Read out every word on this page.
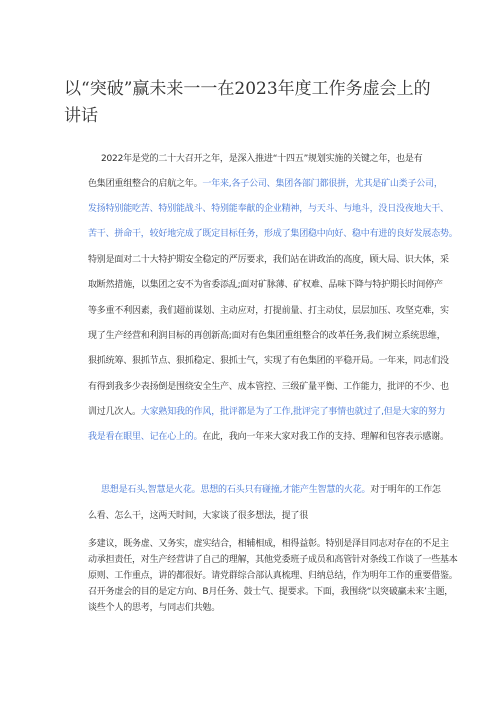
以“突破”赢未来一一在2023年度工作务虚会上的
讲话
2022年是党的二十大召开之年，是深入推进“十四五”规划实施的关键之年，也是有
色集团重组整合的启航之年。一年来,各子公司、集团各部门都很拼，尤其是矿山类子公司，
发扬特别能吃苦、特别能战斗、特别能奉献的企业精神，与天斗、与地斗，没日没夜地大干、
苦干、拼命干，较好地完成了既定目标任务，形成了集团稳中向好、稳中有进的良好发展态势。
特别是面对二十大特护期安全稳定的严厉要求，我们站在讲政治的高度，顾大局、识大体，采
取断然措施，以集团之安不为省委添乱;面对矿脉薄、矿权难、品味下降与特护期长时间停产
等多重不利因素，我们超前谋划、主动应对，打提前量、打主动仗，层层加压、攻坚克难，实
现了生产经营和利润目标的再创新高;面对有色集团重组整合的改革任务,我们树立系统思维，
狠抓统筹、狠抓节点、狠抓稳定、狠抓士气，实现了有色集团的平稳开局。一年来，同志们没
有得到我多少表扬倒是围绕安全生产、成本管控、三级矿量平衡、工作能力，批评的不少、也
训过几次人。大家熟知我的作风，批评都是为了工作,批评完了事情也就过了,但是大家的努力
我是看在眼里、记在心上的。在此，我向一年来大家对我工作的支持、理解和包容表示感谢。
思想是石头,智慧是火花。思想的石头只有碰撞,才能产生智慧的火花。对于明年的工作怎
么看、怎么干，这两天时间，大家谈了很多想法，提了很
多建议，既务虚、又务实，虚实结合，相辅相成，相得益彰。特别是泽目同志对存在的不足主
动承担责任，对生产经营讲了自己的理解，其他党委班子成员和高管针对条线工作谈了一些基本
原则、工作重点，讲的都很好。请党群综合部认真梳理、归纳总结，作为明年工作的重要借鉴。
召开务虚会的目的是定方向、B月任务、鼓士气、提要求。下面，我围绕“以突破赢未来’主题，
谈些个人的思考，与同志们共勉。
